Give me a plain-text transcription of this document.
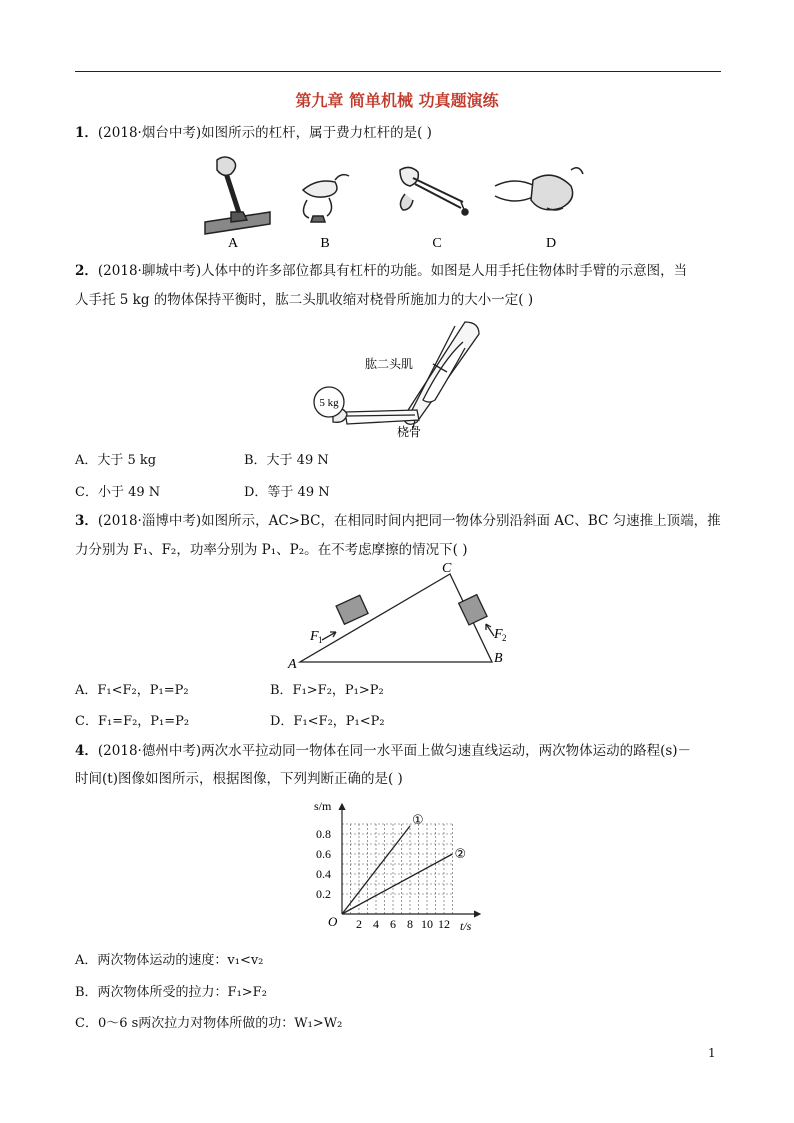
第九章 简单机械 功真题演练
1．(2018·烟台中考)如图所示的杠杆，属于费力杠杆的是( )
A	B	C	D
2．(2018·聊城中考)人体中的许多部位都具有杠杆的功能。如图是人用手托住物体时手臂的示意图，当
人手托 5 kg 的物体保持平衡时，肱二头肌收缩对桡骨所施加力的大小一定( )
5 kg
肱二头肌
桡骨
A．大于 5 kg	B．大于 49 N
C．小于 49 N	D．等于 49 N
3．(2018·淄博中考)如图所示，AC>BC，在相同时间内把同一物体分别沿斜面 AC、BC 匀速推上顶端，推
力分别为 F₁、F₂，功率分别为 P₁、P₂。在不考虑摩擦的情况下( )
A	B
C
F 1	F 2
A．F₁<F₂，P₁=P₂	B．F₁>F₂，P₁>P₂
C．F₁=F₂，P₁=P₂	D．F₁<F₂，P₁<P₂
4．(2018·德州中考)两次水平拉动同一物体在同一水平面上做匀速直线运动，两次物体运动的路程(s)－
时间(t)图像如图所示，根据图像，下列判断正确的是( )
s/m
t/s
O
①
②
0.2
0.4
0.6
0.8
2 4 6 8 10 12
A．两次物体运动的速度：v₁<v₂
B．两次物体所受的拉力：F₁>F₂
C．0～6 s两次拉力对物体所做的功：W₁>W₂
1
